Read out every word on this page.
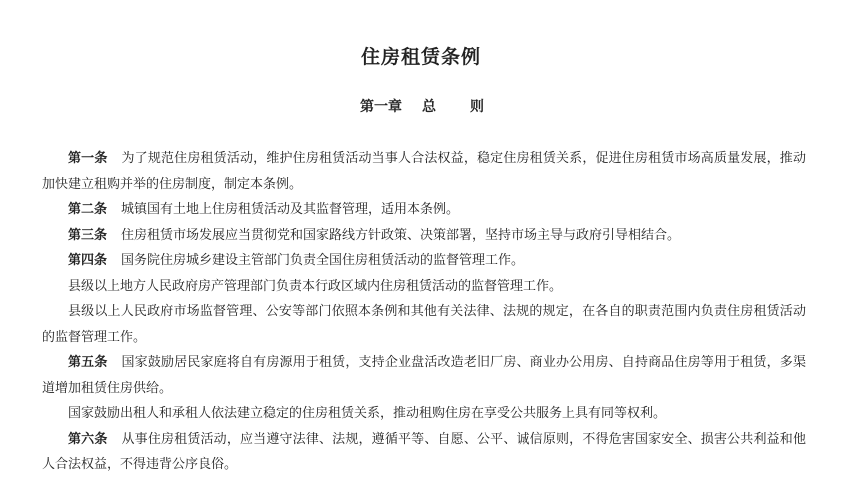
住房租赁条例
第一章 总 则

第一条 为了规范住房租赁活动，维护住房租赁活动当事人合法权益，稳定住房租赁关系，促进住房租赁市场高质量发展，推动加快建立租购并举的住房制度，制定本条例。

第二条 城镇国有土地上住房租赁活动及其监督管理，适用本条例。

第三条 住房租赁市场发展应当贯彻党和国家路线方针政策、决策部署，坚持市场主导与政府引导相结合。

第四条 国务院住房城乡建设主管部门负责全国住房租赁活动的监督管理工作。

县级以上地方人民政府房产管理部门负责本行政区域内住房租赁活动的监督管理工作。

县级以上人民政府市场监督管理、公安等部门依照本条例和其他有关法律、法规的规定，在各自的职责范围内负责住房租赁活动的监督管理工作。

第五条 国家鼓励居民家庭将自有房源用于租赁，支持企业盘活改造老旧厂房、商业办公用房、自持商品住房等用于租赁，多渠道增加租赁住房供给。

国家鼓励出租人和承租人依法建立稳定的住房租赁关系，推动租购住房在享受公共服务上具有同等权利。

第六条 从事住房租赁活动，应当遵守法律、法规，遵循平等、自愿、公平、诚信原则，不得危害国家安全、损害公共利益和他人合法权益，不得违背公序良俗。
